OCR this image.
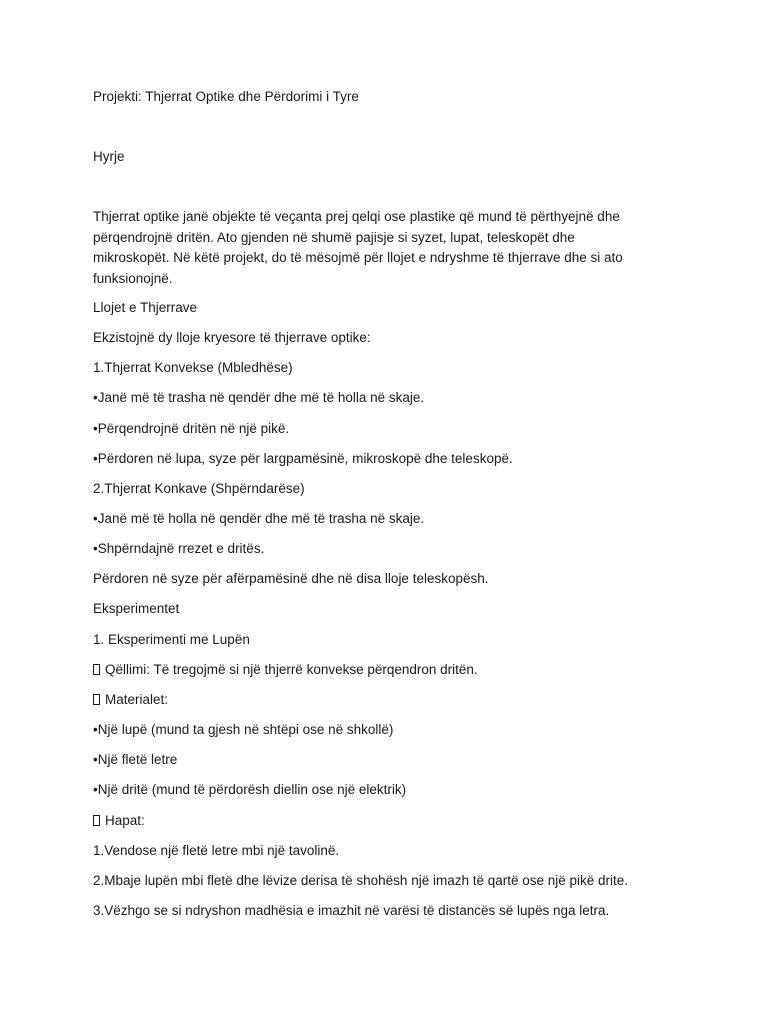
Projekti: Thjerrat Optike dhe Përdorimi i Tyre

Hyrje

Thjerrat optike janë objekte të veçanta prej qelqi ose plastike që mund të përthyejnë dhe
përqendrojnë dritën. Ato gjenden në shumë pajisje si syzet, lupat, teleskopët dhe
mikroskopët. Në këtë projekt, do të mësojmë për llojet e ndryshme të thjerrave dhe si ato
funksionojnë.

Llojet e Thjerrave

Ekzistojnë dy lloje kryesore të thjerrave optike:

1.Thjerrat Konvekse (Mbledhëse)

•Janë më të trasha në qendër dhe më të holla në skaje.

•Përqendrojnë dritën në një pikë.

•Përdoren në lupa, syze për largpamësinë, mikroskopë dhe teleskopë.

2.Thjerrat Konkave (Shpërndarëse)

•Janë më të holla në qendër dhe më të trasha në skaje.

•Shpërndajnë rrezet e dritës.

Përdoren në syze për afërpamësinë dhe në disa lloje teleskopësh.

Eksperimentet

1. Eksperimenti me Lupën

Qëllimi: Të tregojmë si një thjerrë konvekse përqendron dritën.

Materialet:

•Një lupë (mund ta gjesh në shtëpi ose në shkollë)

•Një fletë letre

•Një dritë (mund të përdorësh diellin ose një elektrik)

Hapat:

1.Vendose një fletë letre mbi një tavolinë.

2.Mbaje lupën mbi fletë dhe lëvize derisa të shohësh një imazh të qartë ose një pikë drite.

3.Vëzhgo se si ndryshon madhësia e imazhit në varësi të distancës së lupës nga letra.
